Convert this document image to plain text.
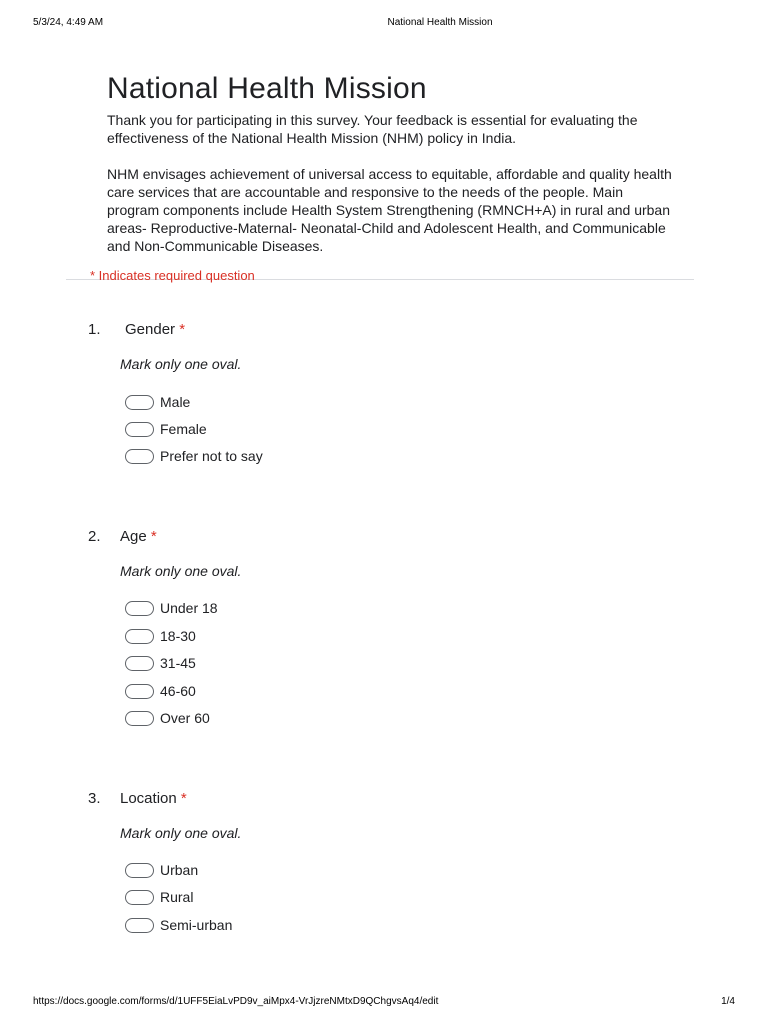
5/3/24, 4:49 AM	National Health Mission
National Health Mission

Thank you for participating in this survey. Your feedback is essential for evaluating the effectiveness of the National Health Mission (NHM) policy in India.

NHM envisages achievement of universal access to equitable, affordable and quality health care services that are accountable and responsive to the needs of the people. Main program components include Health System Strengthening (RMNCH+A) in rural and urban areas- Reproductive-Maternal- Neonatal-Child and Adolescent Health, and Communicable and Non-Communicable Diseases.

* Indicates required question
1. Gender *
Mark only one oval.
Male
Female
Prefer not to say
2. Age *
Mark only one oval.
Under 18
18-30
31-45
46-60
Over 60
3. Location *
Mark only one oval.
Urban
Rural
Semi-urban
https://docs.google.com/forms/d/1UFF5EiaLvPD9v_aiMpx4-VrJjzreNMtxD9QChgvsAq4/edit	1/4
